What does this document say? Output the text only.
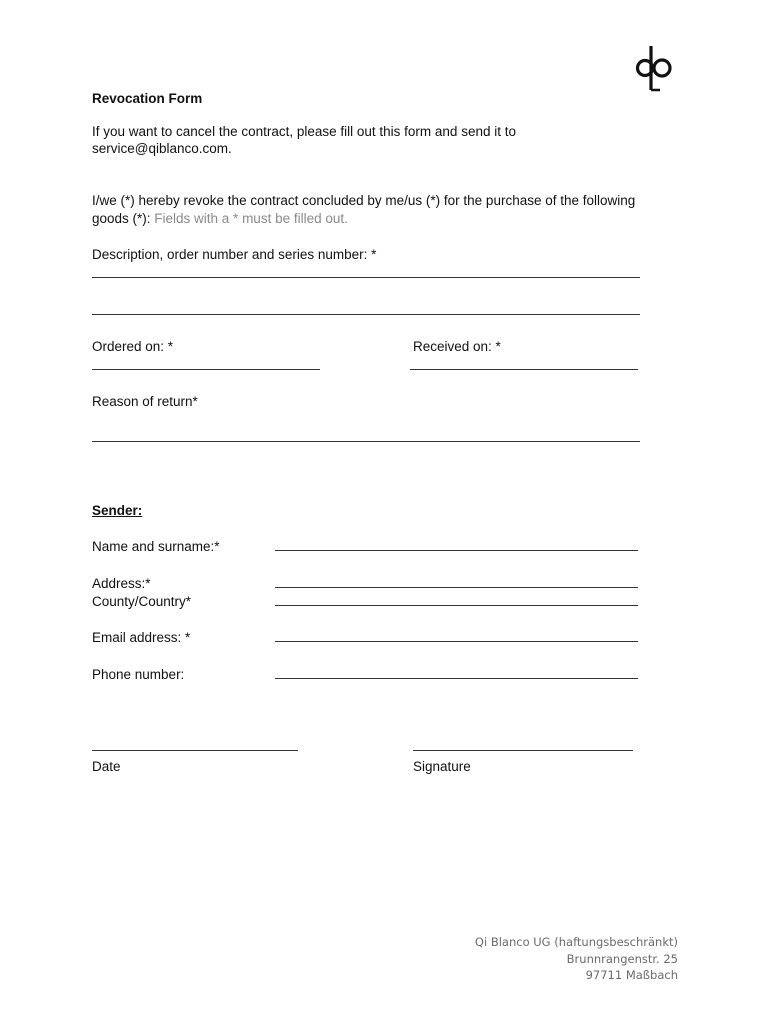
Revocation Form
If you want to cancel the contract, please fill out this form and send it to
service@qiblanco.com.
I/we (*) hereby revoke the contract concluded by me/us (*) for the purchase of the following
goods (*): Fields with a * must be filled out.
Description, order number and series number: *
Ordered on: *	Received on: *
Reason of return*
Sender:
Name and surname:*
Address:*
County/Country*
Email address: *
Phone number:
Date	Signature
Qi Blanco UG (haftungsbeschränkt)
Brunnrangenstr. 25
97711 Maßbach
